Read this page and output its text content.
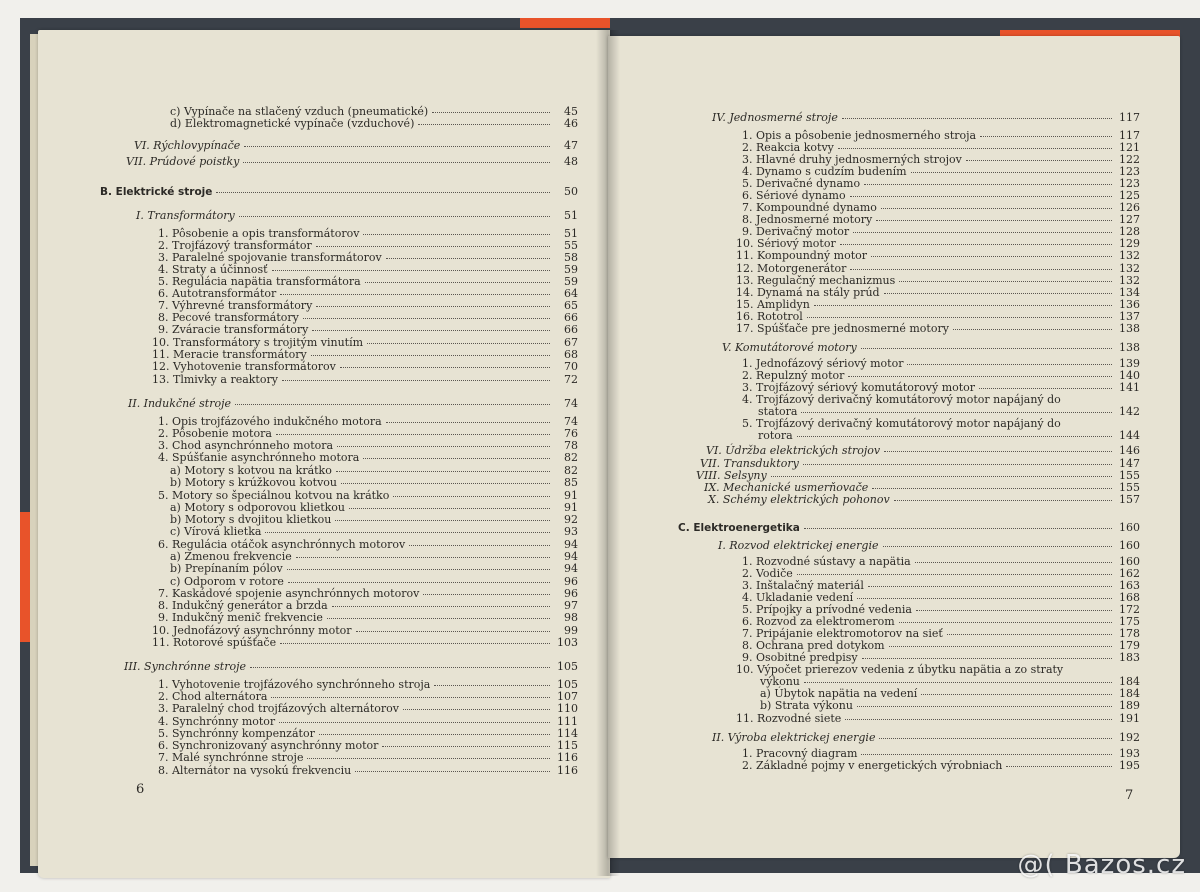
c) Vypínače na stlačený vzduch (pneumatické)	45
d) Elektromagnetické vypínače (vzduchové)	46
VI. Rýchlovypínače	47
VII. Prúdové poistky	48
B. Elektrické stroje	50
I. Transformátory	51
1. Pôsobenie a opis transformátorov	51
2. Trojfázový transformátor	55
3. Paralelné spojovanie transformátorov	58
4. Straty a účinnosť	59
5. Regulácia napätia transformátora	59
6. Autotransformátor	64
7. Výhrevné transformátory	65
8. Pecové transformátory	66
9. Zváracie transformátory	66
10. Transformátory s trojitým vinutím	67
11. Meracie transformátory	68
12. Vyhotovenie transformátorov	70
13. Tlmivky a reaktory	72
II. Indukčné stroje	74
1. Opis trojfázového indukčného motora	74
2. Pôsobenie motora	76
3. Chod asynchrónneho motora	78
4. Spúšťanie asynchrónneho motora	82
a) Motory s kotvou na krátko	82
b) Motory s krúžkovou kotvou	85
5. Motory so špeciálnou kotvou na krátko	91
a) Motory s odporovou klietkou	91
b) Motory s dvojitou klietkou	92
c) Vírová klietka	93
6. Regulácia otáčok asynchrónnych motorov	94
a) Zmenou frekvencie	94
b) Prepínaním pólov	94
c) Odporom v rotore	96
7. Kaskádové spojenie asynchrónnych motorov	96
8. Indukčný generátor a brzda	97
9. Indukčný menič frekvencie	98
10. Jednofázový asynchrónny motor	99
11. Rotorové spúšťače	103
III. Synchrónne stroje	105
1. Vyhotovenie trojfázového synchrónneho stroja	105
2. Chod alternátora	107
3. Paralelný chod trojfázových alternátorov	110
4. Synchrónny motor	111
5. Synchrónny kompenzátor	114
6. Synchronizovaný asynchrónny motor	115
7. Malé synchrónne stroje	116
8. Alternátor na vysokú frekvenciu	116
IV. Jednosmerné stroje	117
1. Opis a pôsobenie jednosmerného stroja	117
2. Reakcia kotvy	121
3. Hlavné druhy jednosmerných strojov	122
4. Dynamo s cudzím budením	123
5. Derivačné dynamo	123
6. Sériové dynamo	125
7. Kompoundné dynamo	126
8. Jednosmerné motory	127
9. Derivačný motor	128
10. Sériový motor	129
11. Kompoundný motor	132
12. Motorgenerátor	132
13. Regulačný mechanizmus	132
14. Dynamá na stály prúd	134
15. Amplidyn	136
16. Rototrol	137
17. Spúšťače pre jednosmerné motory	138
V. Komutátorové motory	138
1. Jednofázový sériový motor	139
2. Repulzný motor	140
3. Trojfázový sériový komutátorový motor	141
4. Trojfázový derivačný komutátorový motor napájaný do
statora	142
5. Trojfázový derivačný komutátorový motor napájaný do
rotora	144
VI. Údržba elektrických strojov	146
VII. Transduktory	147
VIII. Selsyny	155
IX. Mechanické usmerňovače	155
X. Schémy elektrických pohonov	157
C. Elektroenergetika	160
I. Rozvod elektrickej energie	160
1. Rozvodné sústavy a napätia	160
2. Vodiče	162
3. Inštalačný materiál	163
4. Ukladanie vedení	168
5. Prípojky a prívodné vedenia	172
6. Rozvod za elektromerom	175
7. Pripájanie elektromotorov na sieť	178
8. Ochrana pred dotykom	179
9. Osobitné predpisy	183
10. Výpočet prierezov vedenia z úbytku napätia a zo straty
výkonu	184
a) Úbytok napätia na vedení	184
b) Strata výkonu	189
11. Rozvodné siete	191
II. Výroba elektrickej energie	192
1. Pracovný diagram	193
2. Základné pojmy v energetických výrobniach	195
6	7
@( Bazos.cz
